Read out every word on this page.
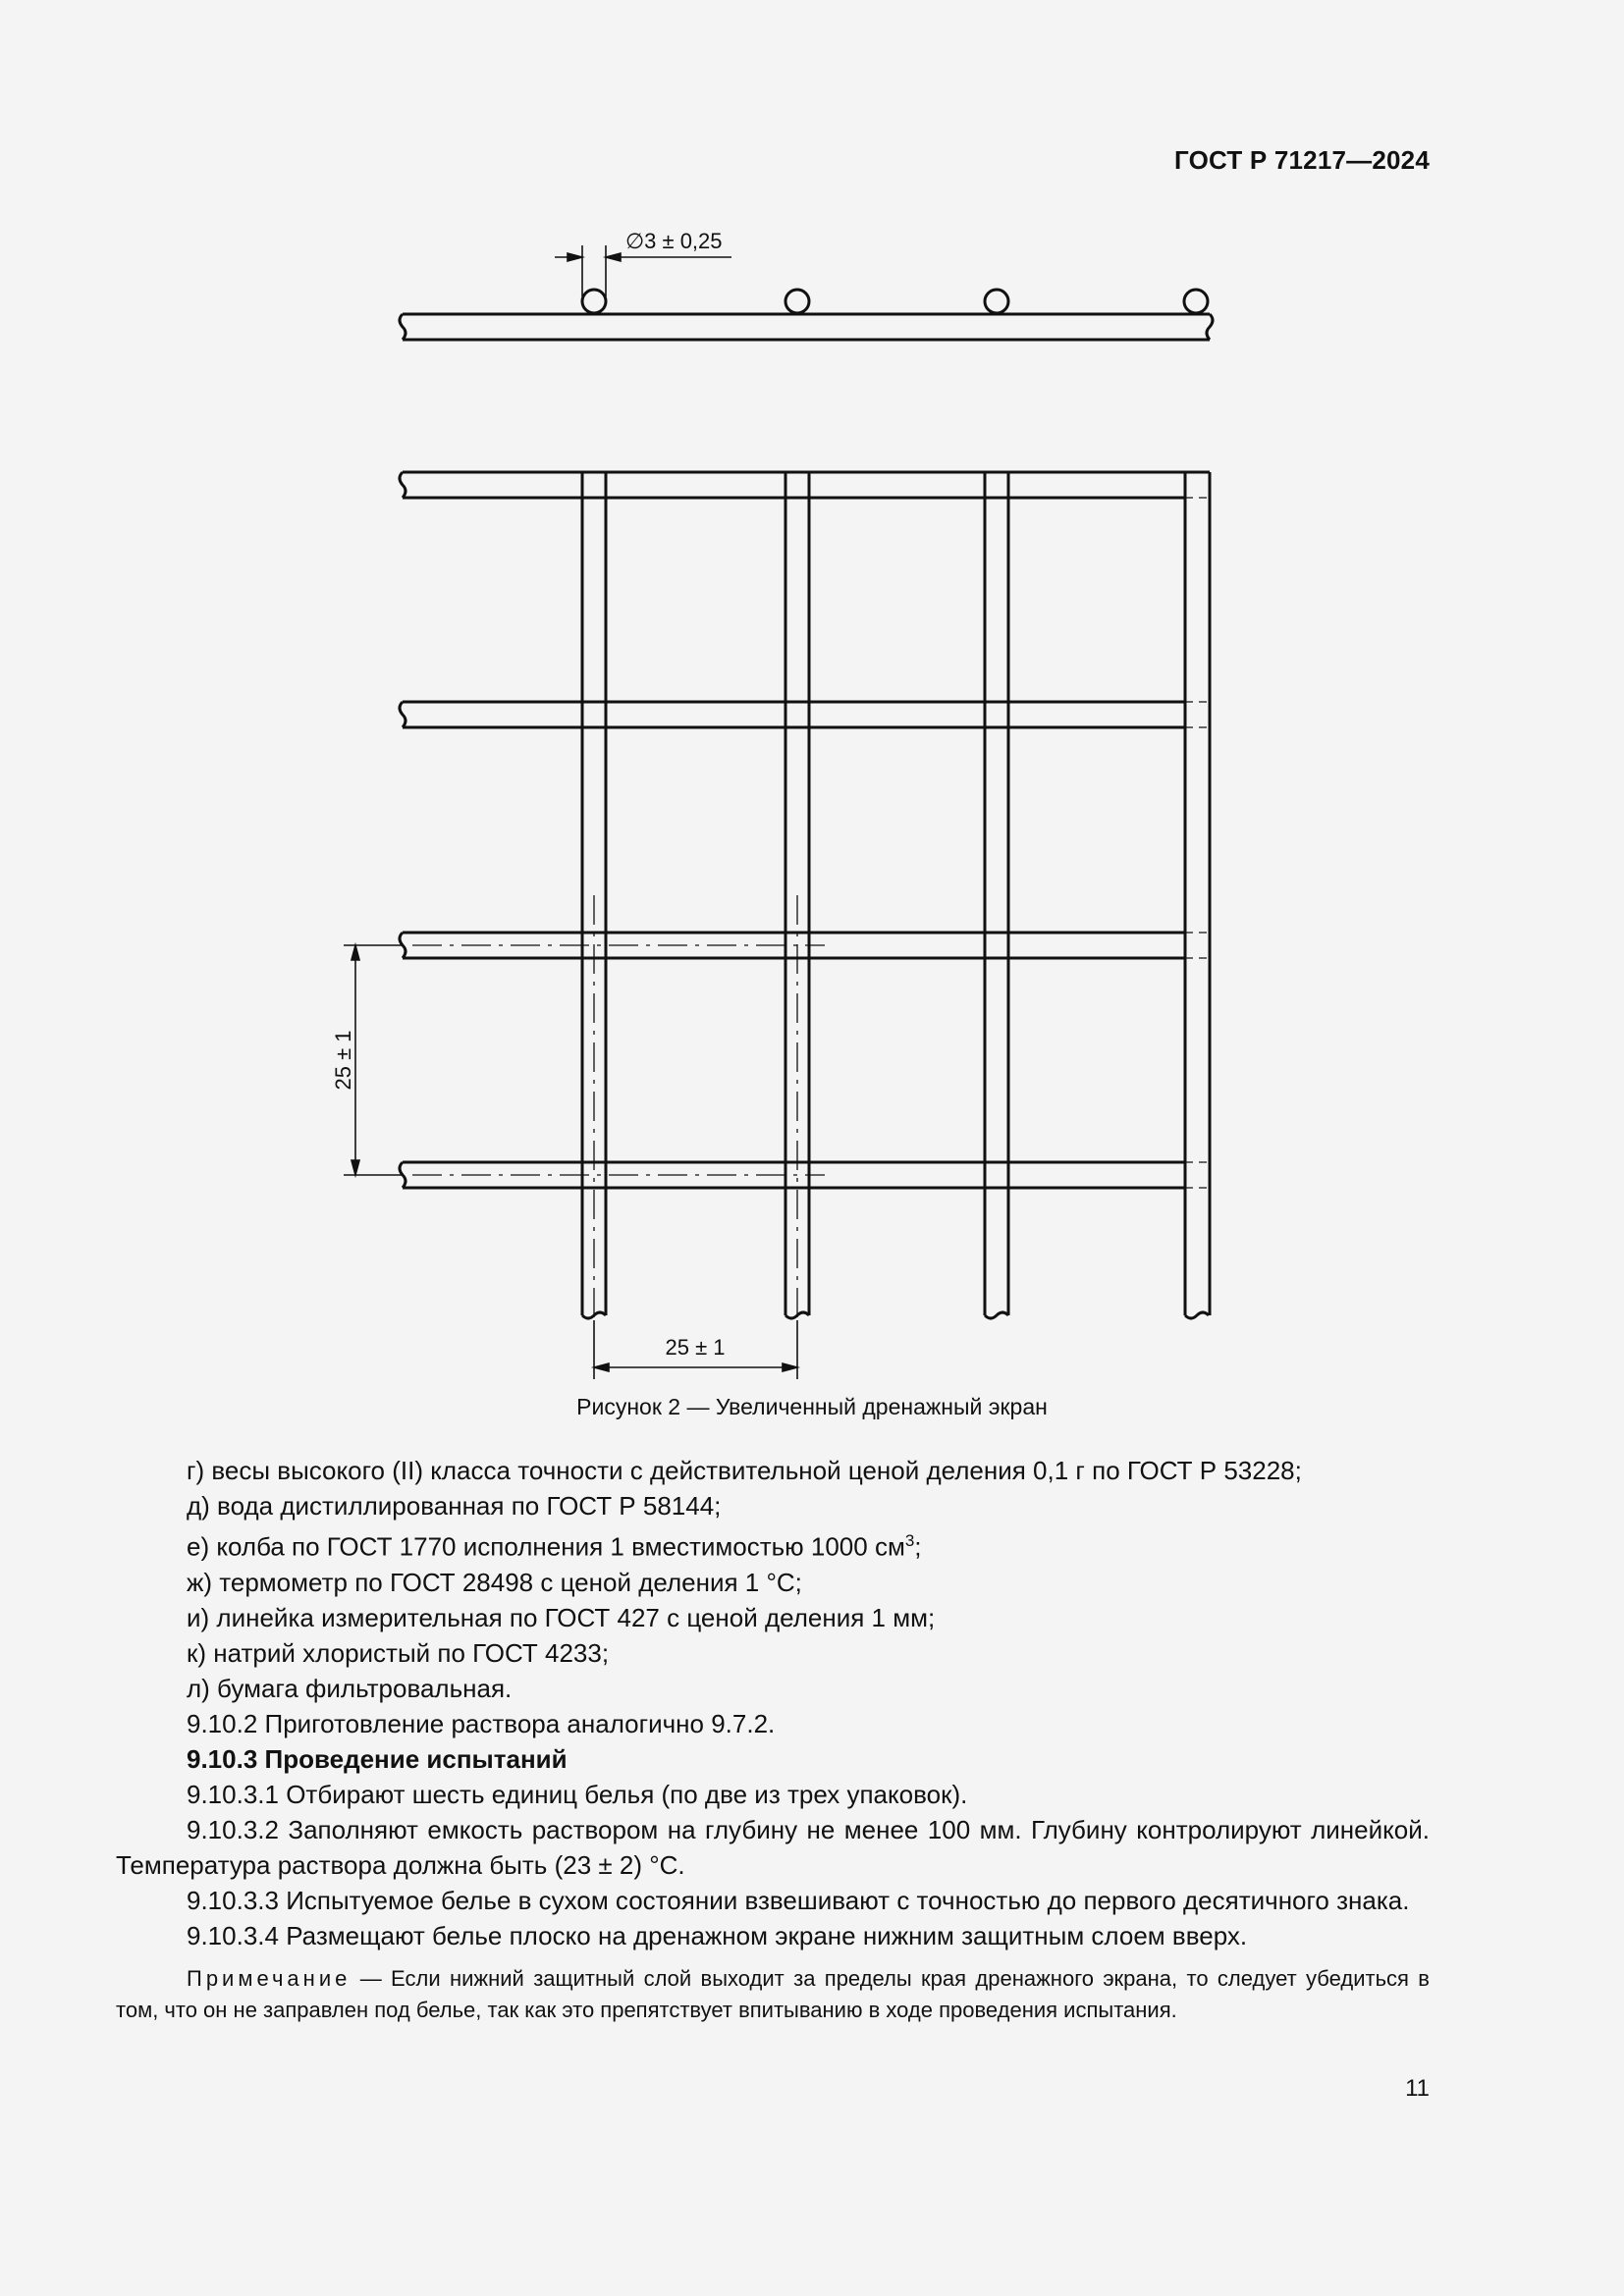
ГОСТ Р 71217—2024
∅3 ± 0,25
25 ± 1
25 ± 1
Рисунок 2 — Увеличенный дренажный экран

г) весы высокого (II) класса точности с действительной ценой деления 0,1 г по ГОСТ Р 53228;

д) вода дистиллированная по ГОСТ Р 58144;

е) колба по ГОСТ 1770 исполнения 1 вместимостью 1000 $см^3$;

ж) термометр по ГОСТ 28498 с ценой деления 1 °С;

и) линейка измерительная по ГОСТ 427 с ценой деления 1 мм;

к) натрий хлористый по ГОСТ 4233;

л) бумага фильтровальная.

9.10.2 Приготовление раствора аналогично 9.7.2.

9.10.3 Проведение испытаний

9.10.3.1 Отбирают шесть единиц белья (по две из трех упаковок).

9.10.3.2 Заполняют емкость раствором на глубину не менее 100 мм. Глубину контролируют линейкой. Температура раствора должна быть (23 ± 2) °С.

9.10.3.3 Испытуемое белье в сухом состоянии взвешивают с точностью до первого десятичного знака.

9.10.3.4 Размещают белье плоско на дренажном экране нижним защитным слоем вверх.

Примечание — Если нижний защитный слой выходит за пределы края дренажного экрана, то следует убедиться в том, что он не заправлен под белье, так как это препятствует впитыванию в ходе проведения испытания.

11
